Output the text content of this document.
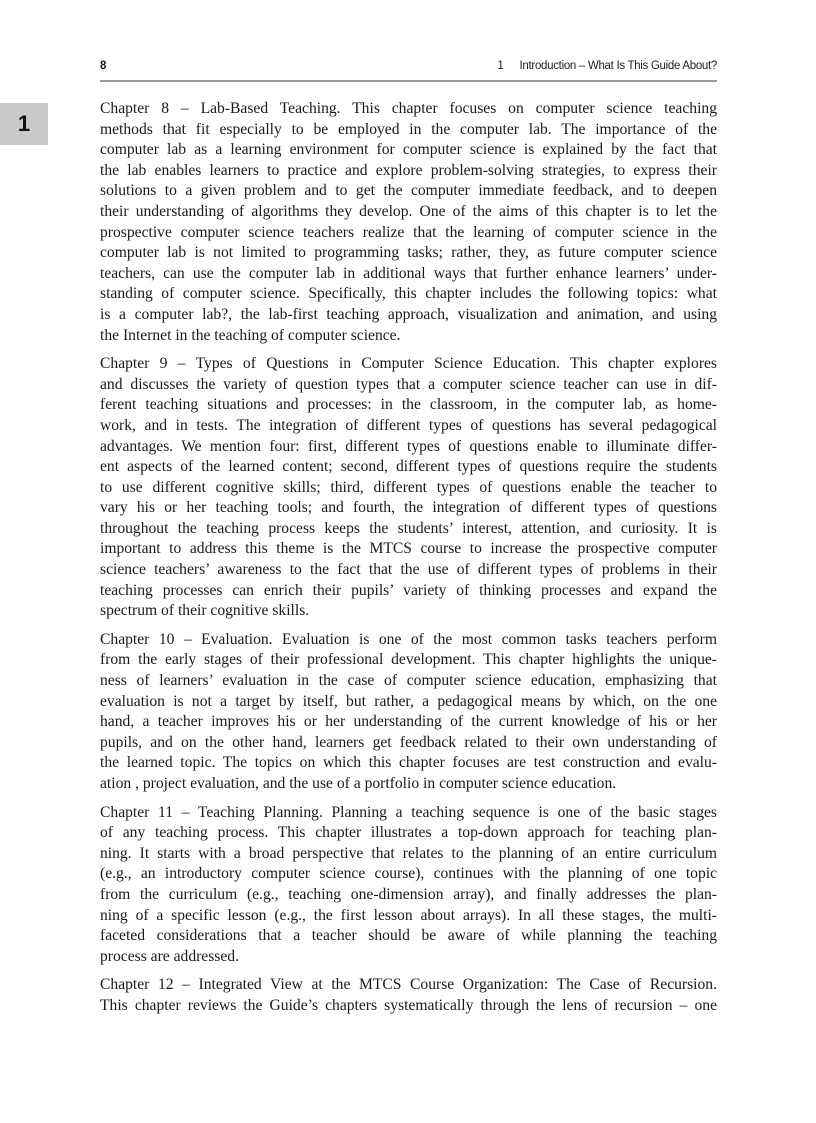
8	1 Introduction – What Is This Guide About?
1
Chapter 8 – Lab-Based Teaching. This chapter focuses on computer science teaching
methods that fit especially to be employed in the computer lab. The importance of the
computer lab as a learning environment for computer science is explained by the fact that
the lab enables learners to practice and explore problem-solving strategies, to express their
solutions to a given problem and to get the computer immediate feedback, and to deepen
their understanding of algorithms they develop. One of the aims of this chapter is to let the
prospective computer science teachers realize that the learning of computer science in the
computer lab is not limited to programming tasks; rather, they, as future computer science
teachers, can use the computer lab in additional ways that further enhance learners’ under-
standing of computer science. Specifically, this chapter includes the following topics: what
is a computer lab?, the lab-first teaching approach, visualization and animation, and using
the Internet in the teaching of computer science.
Chapter 9 – Types of Questions in Computer Science Education. This chapter explores
and discusses the variety of question types that a computer science teacher can use in dif-
ferent teaching situations and processes: in the classroom, in the computer lab, as home-
work, and in tests. The integration of different types of questions has several pedagogical
advantages. We mention four: first, different types of questions enable to illuminate differ-
ent aspects of the learned content; second, different types of questions require the students
to use different cognitive skills; third, different types of questions enable the teacher to
vary his or her teaching tools; and fourth, the integration of different types of questions
throughout the teaching process keeps the students’ interest, attention, and curiosity. It is
important to address this theme is the MTCS course to increase the prospective computer
science teachers’ awareness to the fact that the use of different types of problems in their
teaching processes can enrich their pupils’ variety of thinking processes and expand the
spectrum of their cognitive skills.
Chapter 10 – Evaluation. Evaluation is one of the most common tasks teachers perform
from the early stages of their professional development. This chapter highlights the unique-
ness of learners’ evaluation in the case of computer science education, emphasizing that
evaluation is not a target by itself, but rather, a pedagogical means by which, on the one
hand, a teacher improves his or her understanding of the current knowledge of his or her
pupils, and on the other hand, learners get feedback related to their own understanding of
the learned topic. The topics on which this chapter focuses are test construction and evalu-
ation , project evaluation, and the use of a portfolio in computer science education.
Chapter 11 – Teaching Planning. Planning a teaching sequence is one of the basic stages
of any teaching process. This chapter illustrates a top-down approach for teaching plan-
ning. It starts with a broad perspective that relates to the planning of an entire curriculum
(e.g., an introductory computer science course), continues with the planning of one topic
from the curriculum (e.g., teaching one-dimension array), and finally addresses the plan-
ning of a specific lesson (e.g., the first lesson about arrays). In all these stages, the multi-
faceted considerations that a teacher should be aware of while planning the teaching
process are addressed.
Chapter 12 – Integrated View at the MTCS Course Organization: The Case of Recursion.
This chapter reviews the Guide’s chapters systematically through the lens of recursion – one
